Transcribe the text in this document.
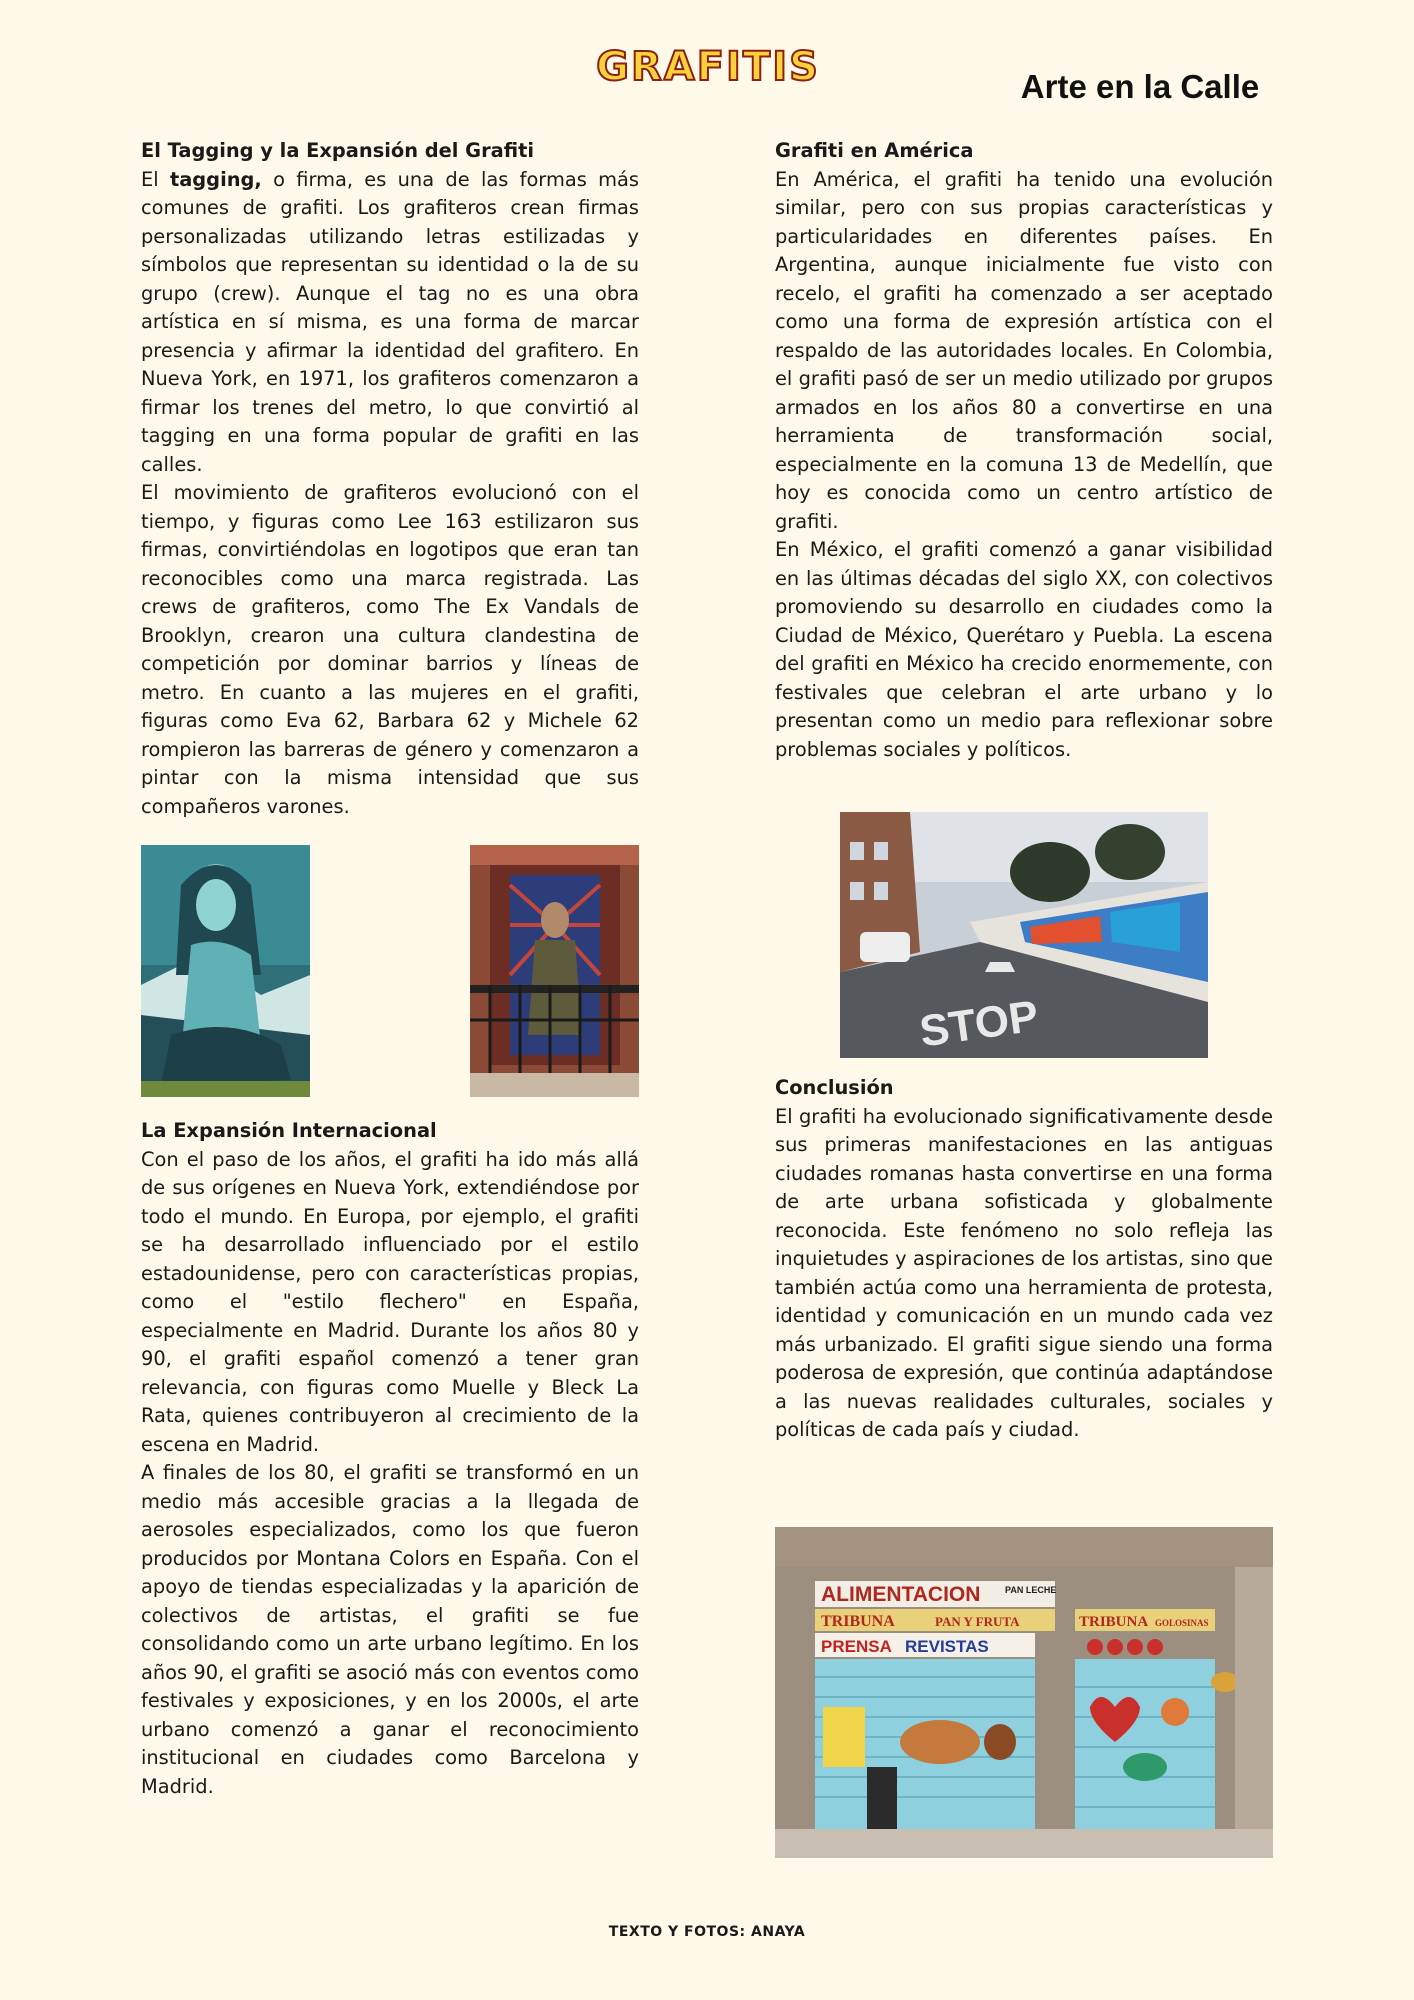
GRAFITIS	Arte en la Calle
El Tagging y la Expansión del Grafiti

El tagging, o firma, es una de las formas más comunes de grafiti. Los grafiteros crean firmas personalizadas utilizando letras estilizadas y símbolos que representan su identidad o la de su grupo (crew). Aunque el tag no es una obra artística en sí misma, es una forma de marcar presencia y afirmar la identidad del grafitero. En Nueva York, en 1971, los grafiteros comenzaron a firmar los trenes del metro, lo que convirtió al tagging en una forma popular de grafiti en las calles.

El movimiento de grafiteros evolucionó con el tiempo, y figuras como Lee 163 estilizaron sus firmas, convirtiéndolas en logotipos que eran tan reconocibles como una marca registrada. Las crews de grafiteros, como The Ex Vandals de Brooklyn, crearon una cultura clandestina de competición por dominar barrios y líneas de metro. En cuanto a las mujeres en el grafiti, figuras como Eva 62, Barbara 62 y Michele 62 rompieron las barreras de género y comenzaron a pintar con la misma intensidad que sus compañeros varones.

La Expansión Internacional

Con el paso de los años, el grafiti ha ido más allá de sus orígenes en Nueva York, extendiéndose por todo el mundo. En Europa, por ejemplo, el grafiti se ha desarrollado influenciado por el estilo estadounidense, pero con características propias, como el "estilo flechero" en España, especialmente en Madrid. Durante los años 80 y 90, el grafiti español comenzó a tener gran relevancia, con figuras como Muelle y Bleck La Rata, quienes contribuyeron al crecimiento de la escena en Madrid.

A finales de los 80, el grafiti se transformó en un medio más accesible gracias a la llegada de aerosoles especializados, como los que fueron producidos por Montana Colors en España. Con el apoyo de tiendas especializadas y la aparición de colectivos de artistas, el grafiti se fue consolidando como un arte urbano legítimo. En los años 90, el grafiti se asoció más con eventos como festivales y exposiciones, y en los 2000s, el arte urbano comenzó a ganar el reconocimiento institucional en ciudades como Barcelona y Madrid.

Grafiti en América

En América, el grafiti ha tenido una evolución similar, pero con sus propias características y particularidades en diferentes países. En Argentina, aunque inicialmente fue visto con recelo, el grafiti ha comenzado a ser aceptado como una forma de expresión artística con el respaldo de las autoridades locales. En Colombia, el grafiti pasó de ser un medio utilizado por grupos armados en los años 80 a convertirse en una herramienta de transformación social, especialmente en la comuna 13 de Medellín, que hoy es conocida como un centro artístico de grafiti.

En México, el grafiti comenzó a ganar visibilidad en las últimas décadas del siglo XX, con colectivos promoviendo su desarrollo en ciudades como la Ciudad de México, Querétaro y Puebla. La escena del grafiti en México ha crecido enormemente, con festivales que celebran el arte urbano y lo presentan como un medio para reflexionar sobre problemas sociales y políticos.

STOP
Conclusión

El grafiti ha evolucionado significativamente desde sus primeras manifestaciones en las antiguas ciudades romanas hasta convertirse en una forma de arte urbana sofisticada y globalmente reconocida. Este fenómeno no solo refleja las inquietudes y aspiraciones de los artistas, sino que también actúa como una herramienta de protesta, identidad y comunicación en un mundo cada vez más urbanizado. El grafiti sigue siendo una forma poderosa de expresión, que continúa adaptándose a las nuevas realidades culturales, sociales y políticas de cada país y ciudad.

ALIMENTACION	PAN LECHE
TRIBUNA	PAN Y FRUTA
PRENSA REVISTAS
TRIBUNA GOLOSINAS
TEXTO Y FOTOS: ANAYA
